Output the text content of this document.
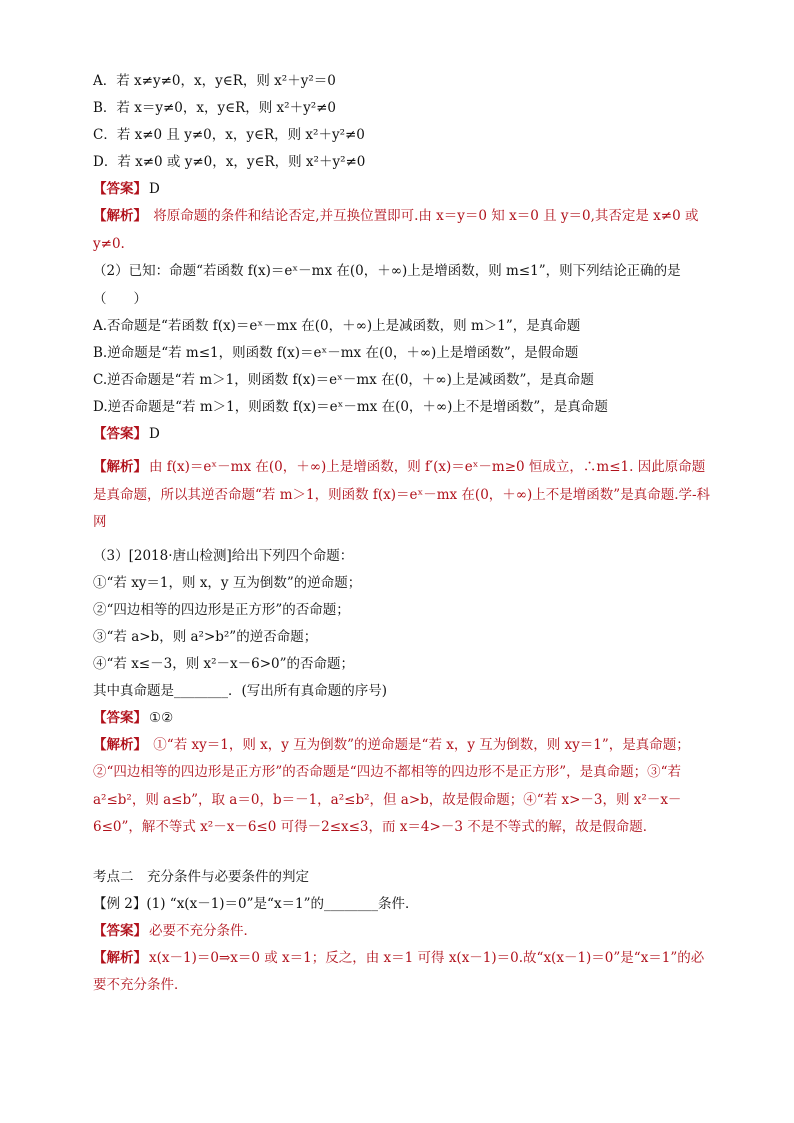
A．若 x≠y≠0，x，y∈R，则 x²＋y²＝0
B．若 x＝y≠0，x，y∈R，则 x²＋y²≠0
C．若 x≠0 且 y≠0，x，y∈R，则 x²＋y²≠0
D．若 x≠0 或 y≠0，x，y∈R，则 x²＋y²≠0
【答案】 D
【解析】 将原命题的条件和结论否定,并互换位置即可.由 x＝y＝0 知 x＝0 且 y＝0,其否定是 x≠0 或 y≠0.
（2）已知：命题“若函数 f(x)＝eˣ－mx 在(0，＋∞)上是增函数，则 m≤1”，则下列结论正确的是（　　）
A.否命题是“若函数 f(x)＝eˣ－mx 在(0，＋∞)上是减函数，则 m＞1”，是真命题
B.逆命题是“若 m≤1，则函数 f(x)＝eˣ－mx 在(0，＋∞)上是增函数”，是假命题
C.逆否命题是“若 m＞1，则函数 f(x)＝eˣ－mx 在(0，＋∞)上是减函数”，是真命题
D.逆否命题是“若 m＞1，则函数 f(x)＝eˣ－mx 在(0，＋∞)上不是增函数”，是真命题
【答案】 D
【解析】 由 f(x)＝eˣ－mx 在(0，＋∞)上是增函数，则 f′(x)＝eˣ－m≥0 恒成立，∴m≤1. 因此原命题是真命题，所以其逆否命题“若 m＞1，则函数 f(x)＝eˣ－mx 在(0，＋∞)上不是增函数”是真命题.学-科网
（3）[2018·唐山检测]给出下列四个命题：
①“若 xy＝1，则 x，y 互为倒数”的逆命题；
②“四边相等的四边形是正方形”的否命题；
③“若 a>b，则 a²>b²”的逆否命题；
④“若 x≤－3，则 x²－x－6>0”的否命题；
其中真命题是________．(写出所有真命题的序号)
【答案】 ①②
【解析】 ①“若 xy＝1，则 x，y 互为倒数”的逆命题是“若 x，y 互为倒数，则 xy＝1”，是真命题；②“四边相等的四边形是正方形”的否命题是“四边不都相等的四边形不是正方形”，是真命题；③“若 a²≤b²，则 a≤b”，取 a＝0，b＝－1，a²≤b²，但 a>b，故是假命题；④“若 x>－3，则 x²－x－6≤0”，解不等式 x²－x－6≤0 可得－2≤x≤3，而 x＝4>－3 不是不等式的解，故是假命题．
考点二　充分条件与必要条件的判定
【例 2】(1) “x(x－1)＝0”是“x＝1”的________条件．
【答案】 必要不充分条件．
【解析】 x(x－1)＝0⇒x＝0 或 x＝1；反之，由 x＝1 可得 x(x－1)＝0.故“x(x－1)＝0”是“x＝1”的必要不充分条件．
